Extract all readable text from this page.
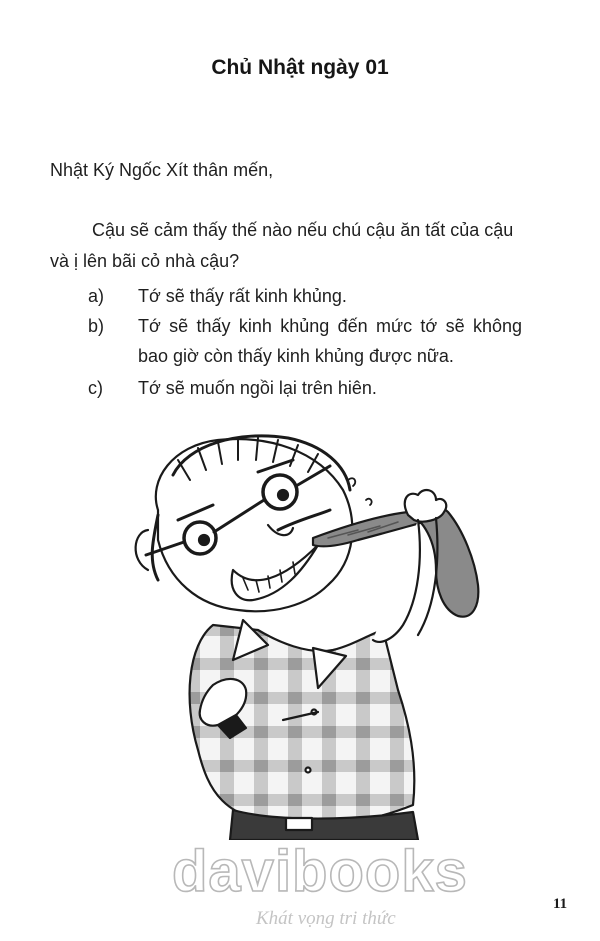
Chủ Nhật ngày 01
Nhật Ký Ngốc Xít thân mến,
Cậu sẽ cảm thấy thế nào nếu chú cậu ăn tất của cậu
và ị lên bãi cỏ nhà cậu?
a) Tớ sẽ thấy rất kinh khủng.
b) Tớ sẽ thấy kinh khủng đến mức tớ sẽ không
bao giờ còn thấy kinh khủng được nữa.
c) Tớ sẽ muốn ngồi lại trên hiên.
davibooks
Khát vọng tri thức
11
